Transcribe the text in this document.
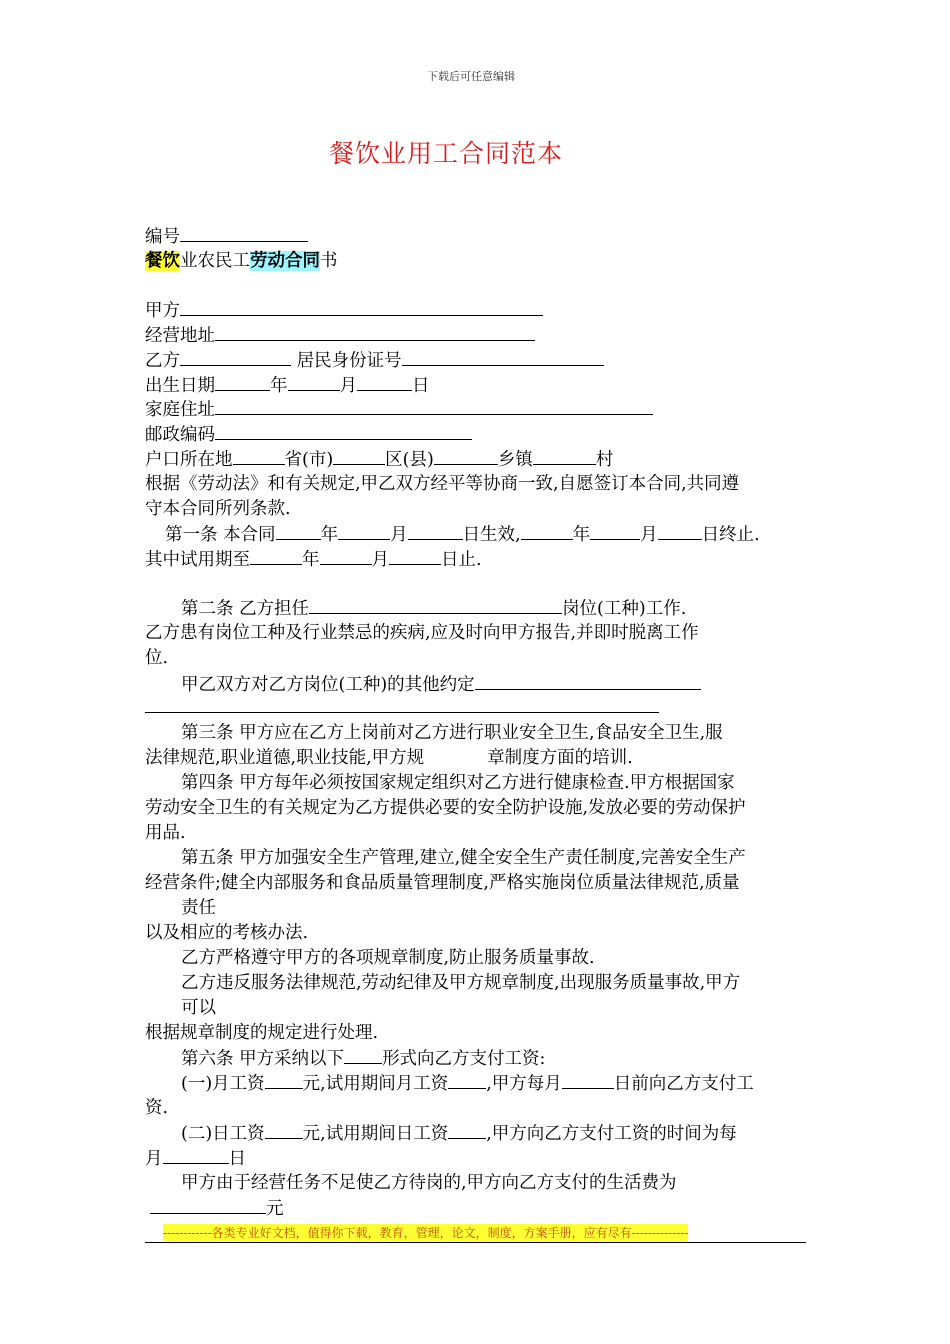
下载后可任意编辑
餐饮业用工合同范本
编号
餐饮业农民工劳动合同书
甲方
经营地址
乙方	居民身份证号
出生日期	年	月	日
家庭住址
邮政编码
户口所在地	省(市)	区(县)	乡镇	村
根据《劳动法》和有关规定,甲乙双方经平等协商一致,自愿签订本合同,共同遵
守本合同所列条款.
第一条 本合同	年	月	日生效,	年	月	日终止.
其中试用期至	年	月	日止.
第二条 乙方担任	岗位(工种)工作.
乙方患有岗位工种及行业禁忌的疾病,应及时向甲方报告,并即时脱离工作
位.
甲乙双方对乙方岗位(工种)的其他约定
第三条 甲方应在乙方上岗前对乙方进行职业安全卫生,食品安全卫生,服
法律规范,职业道德,职业技能,甲方规	章制度方面的培训.
第四条 甲方每年必须按国家规定组织对乙方进行健康检查.甲方根据国家
劳动安全卫生的有关规定为乙方提供必要的安全防护设施,发放必要的劳动保护
用品.
第五条 甲方加强安全生产管理,建立,健全安全生产责任制度,完善安全生产
经营条件;健全内部服务和食品质量管理制度,严格实施岗位质量法律规范,质量
责任
以及相应的考核办法.
乙方严格遵守甲方的各项规章制度,防止服务质量事故.
乙方违反服务法律规范,劳动纪律及甲方规章制度,出现服务质量事故,甲方
可以
根据规章制度的规定进行处理.
第六条 甲方采纳以下 形式向乙方支付工资:
(一)月工资 元,试用期间月工资 ,甲方每月	日前向乙方支付工
资.
(二)日工资 元,试用期间日工资 ,甲方向乙方支付工资的时间为每
月	日
甲方由于经营任务不足使乙方待岗的,甲方向乙方支付的生活费为
元
------------各类专业好文档，值得你下载，教育，管理，论文，制度，方案手册，应有尽有--------------
